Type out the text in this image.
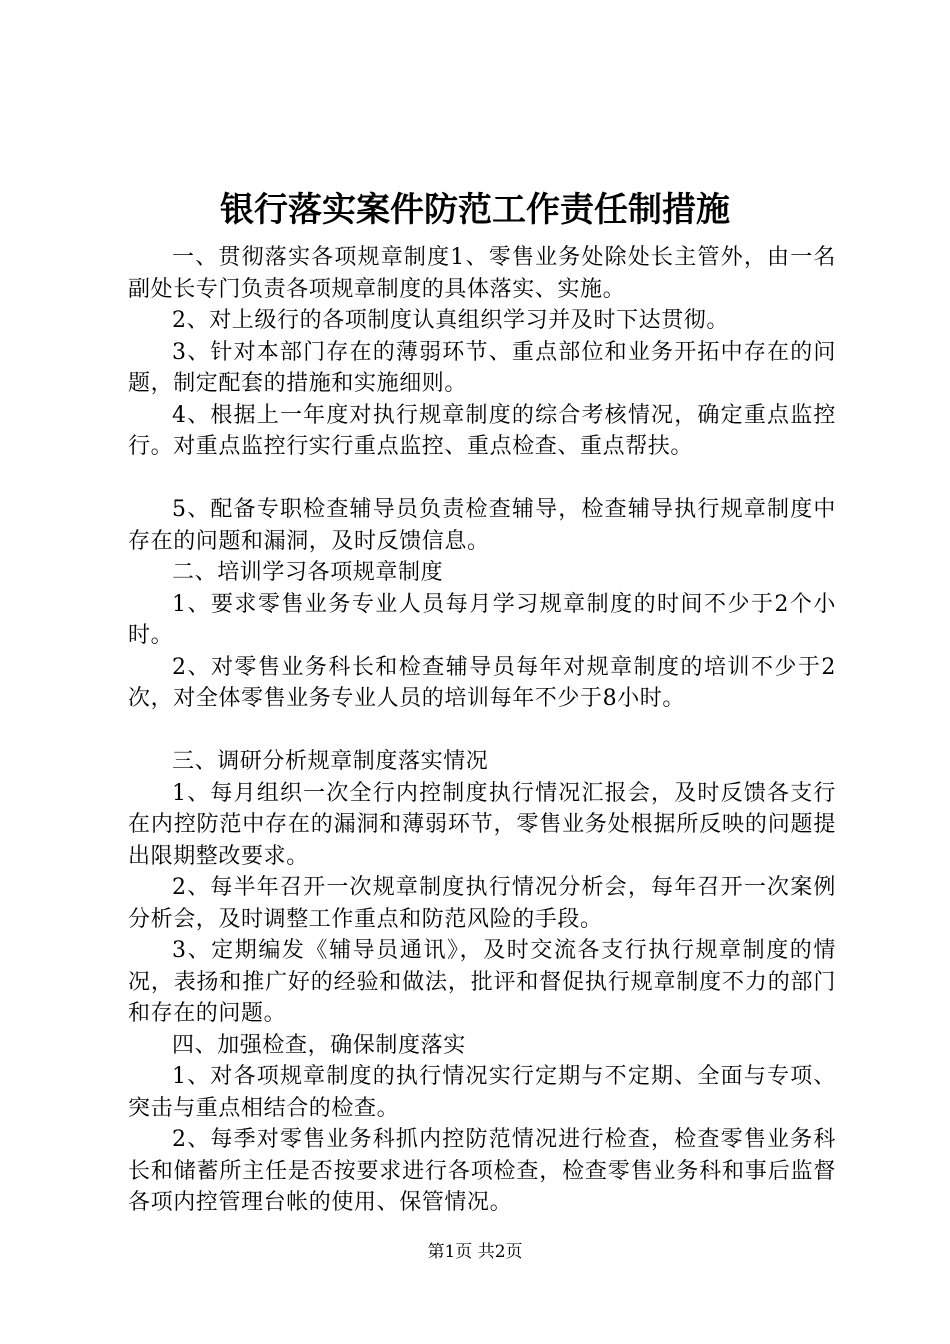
银行落实案件防范工作责任制措施

一、贯彻落实各项规章制度1、零售业务处除处长主管外，由一名副处长专门负责各项规章制度的具体落实、实施。

2、对上级行的各项制度认真组织学习并及时下达贯彻。

3、针对本部门存在的薄弱环节、重点部位和业务开拓中存在的问题，制定配套的措施和实施细则。

4、根据上一年度对执行规章制度的综合考核情况，确定重点监控行。对重点监控行实行重点监控、重点检查、重点帮扶。

5、配备专职检查辅导员负责检查辅导，检查辅导执行规章制度中存在的问题和漏洞，及时反馈信息。

二、培训学习各项规章制度

1、要求零售业务专业人员每月学习规章制度的时间不少于2个小时。

2、对零售业务科长和检查辅导员每年对规章制度的培训不少于2次，对全体零售业务专业人员的培训每年不少于8小时。

三、调研分析规章制度落实情况

1、每月组织一次全行内控制度执行情况汇报会，及时反馈各支行在内控防范中存在的漏洞和薄弱环节，零售业务处根据所反映的问题提出限期整改要求。

2、每半年召开一次规章制度执行情况分析会，每年召开一次案例分析会，及时调整工作重点和防范风险的手段。

3、定期编发《辅导员通讯》，及时交流各支行执行规章制度的情况，表扬和推广好的经验和做法，批评和督促执行规章制度不力的部门和存在的问题。

四、加强检查，确保制度落实

1、对各项规章制度的执行情况实行定期与不定期、全面与专项、突击与重点相结合的检查。

2、每季对零售业务科抓内控防范情况进行检查，检查零售业务科长和储蓄所主任是否按要求进行各项检查，检查零售业务科和事后监督各项内控管理台帐的使用、保管情况。

第1页 共2页
